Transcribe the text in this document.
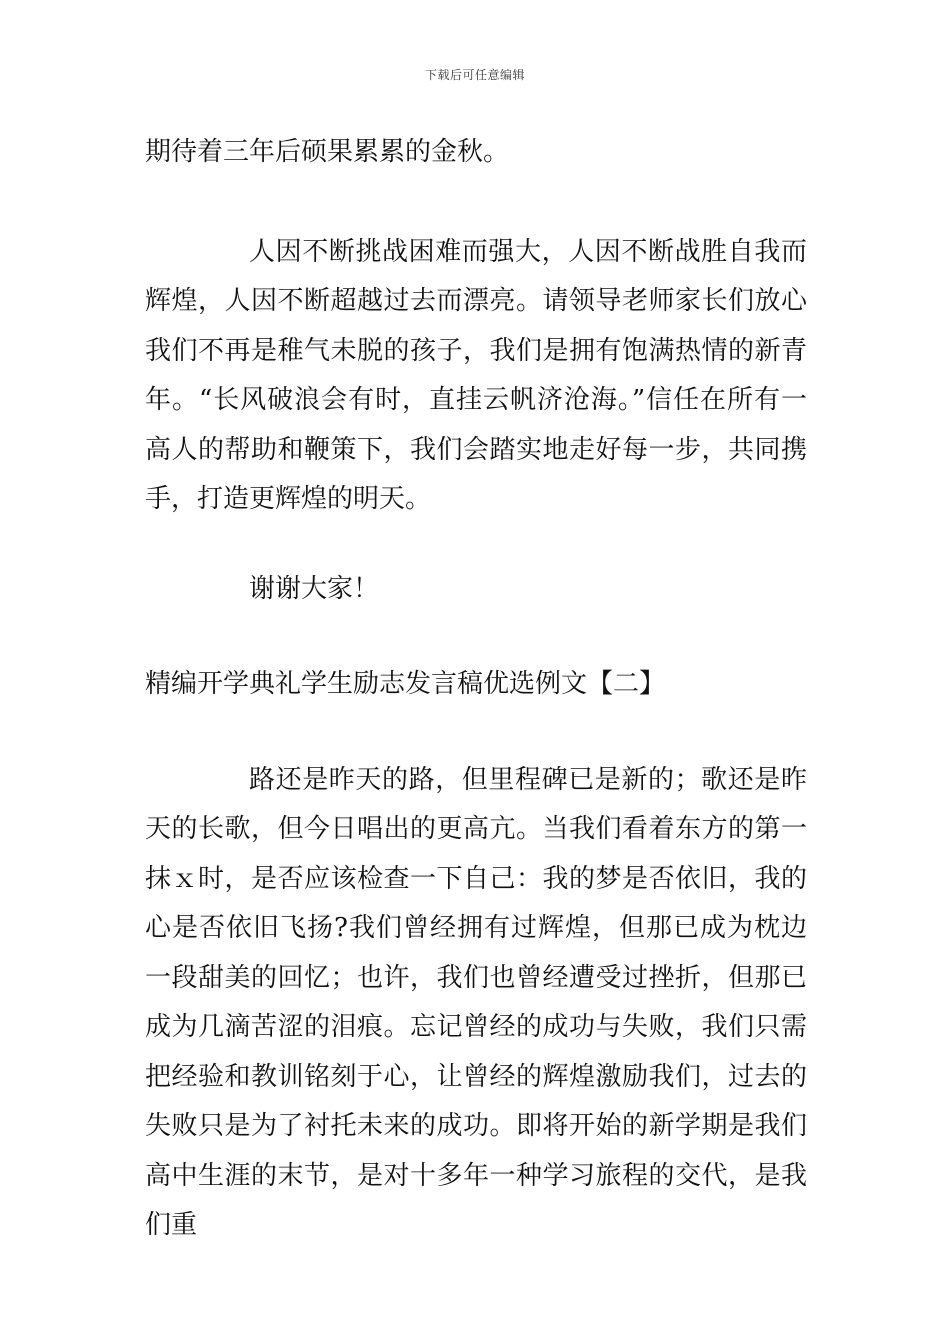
下载后可任意编辑

期待着三年后硕果累累的金秋。

人因不断挑战困难而强大，人因不断战胜自我而辉煌，人因不断超越过去而漂亮。请领导老师家长们放心我们不再是稚气未脱的孩子，我们是拥有饱满热情的新青年。“长风破浪会有时，直挂云帆济沧海。”信任在所有一高人的帮助和鞭策下，我们会踏实地走好每一步，共同携手，打造更辉煌的明天。

谢谢大家！

精编开学典礼学生励志发言稿优选例文【二】

路还是昨天的路，但里程碑已是新的；歌还是昨天的长歌，但今日唱出的更高亢。当我们看着东方的第一抹ｘ时，是否应该检查一下自己：我的梦是否依旧，我的心是否依旧飞扬?我们曾经拥有过辉煌，但那已成为枕边一段甜美的回忆；也许，我们也曾经遭受过挫折，但那已成为几滴苦涩的泪痕。忘记曾经的成功与失败，我们只需把经验和教训铭刻于心，让曾经的辉煌激励我们，过去的失败只是为了衬托未来的成功。即将开始的新学期是我们高中生涯的末节，是对十多年一种学习旅程的交代，是我们重
